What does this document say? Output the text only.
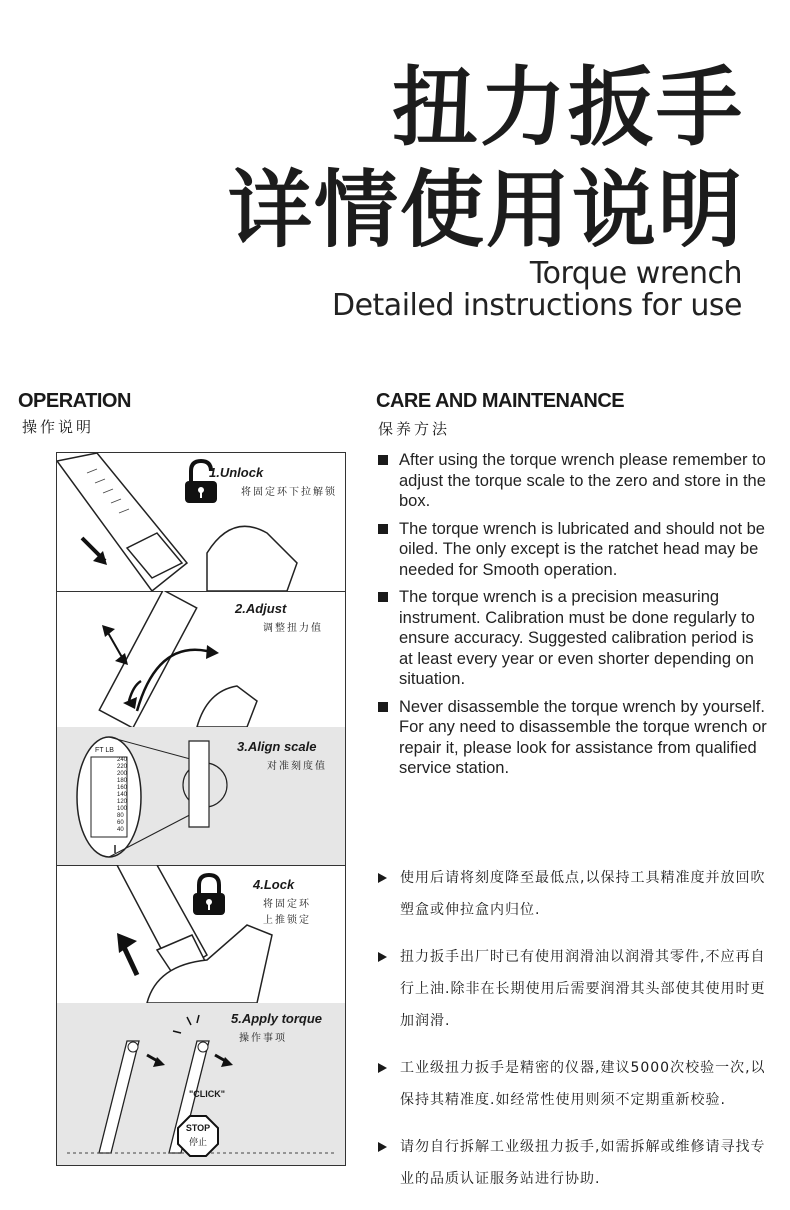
扭力扳手
详情使用说明

Torque wrench

Detailed instructions for use

OPERATION

操作说明

CARE AND MAINTENANCE

保养方法

1.Unlock

将固定环下拉解锁

2.Adjust

调整扭力值

FT LB

240
220
200
180
160
140
120
100
80
60
40

3.Align scale

对准刻度值

4.Lock

将固定环

上推锁定

STOP

停止

"CLICK"

5.Apply torque

操作事项

After using the torque wrench please remember to adjust the torque scale to the zero and store in the box.
The torque wrench is lubricated and should not be oiled. The only except is the ratchet head may be needed for Smooth operation.
The torque wrench is a precision measuring instrument. Calibration must be done regularly to ensure accuracy. Suggested calibration period is at least every year or even shorter depending on situation.
Never disassemble the torque wrench by yourself. For any need to disassemble the torque wrench or repair it, please look for assistance from qualified service station.
使用后请将刻度降至最低点,以保持工具精准度并放回吹塑盒或伸拉盒内归位.
扭力扳手出厂时已有使用润滑油以润滑其零件,不应再自行上油.除非在长期使用后需要润滑其头部使其使用时更加润滑.
工业级扭力扳手是精密的仪器,建议5000次校验一次,以保持其精准度.如经常性使用则须不定期重新校验.
请勿自行拆解工业级扭力扳手,如需拆解或维修请寻找专业的品质认证服务站进行协助.
